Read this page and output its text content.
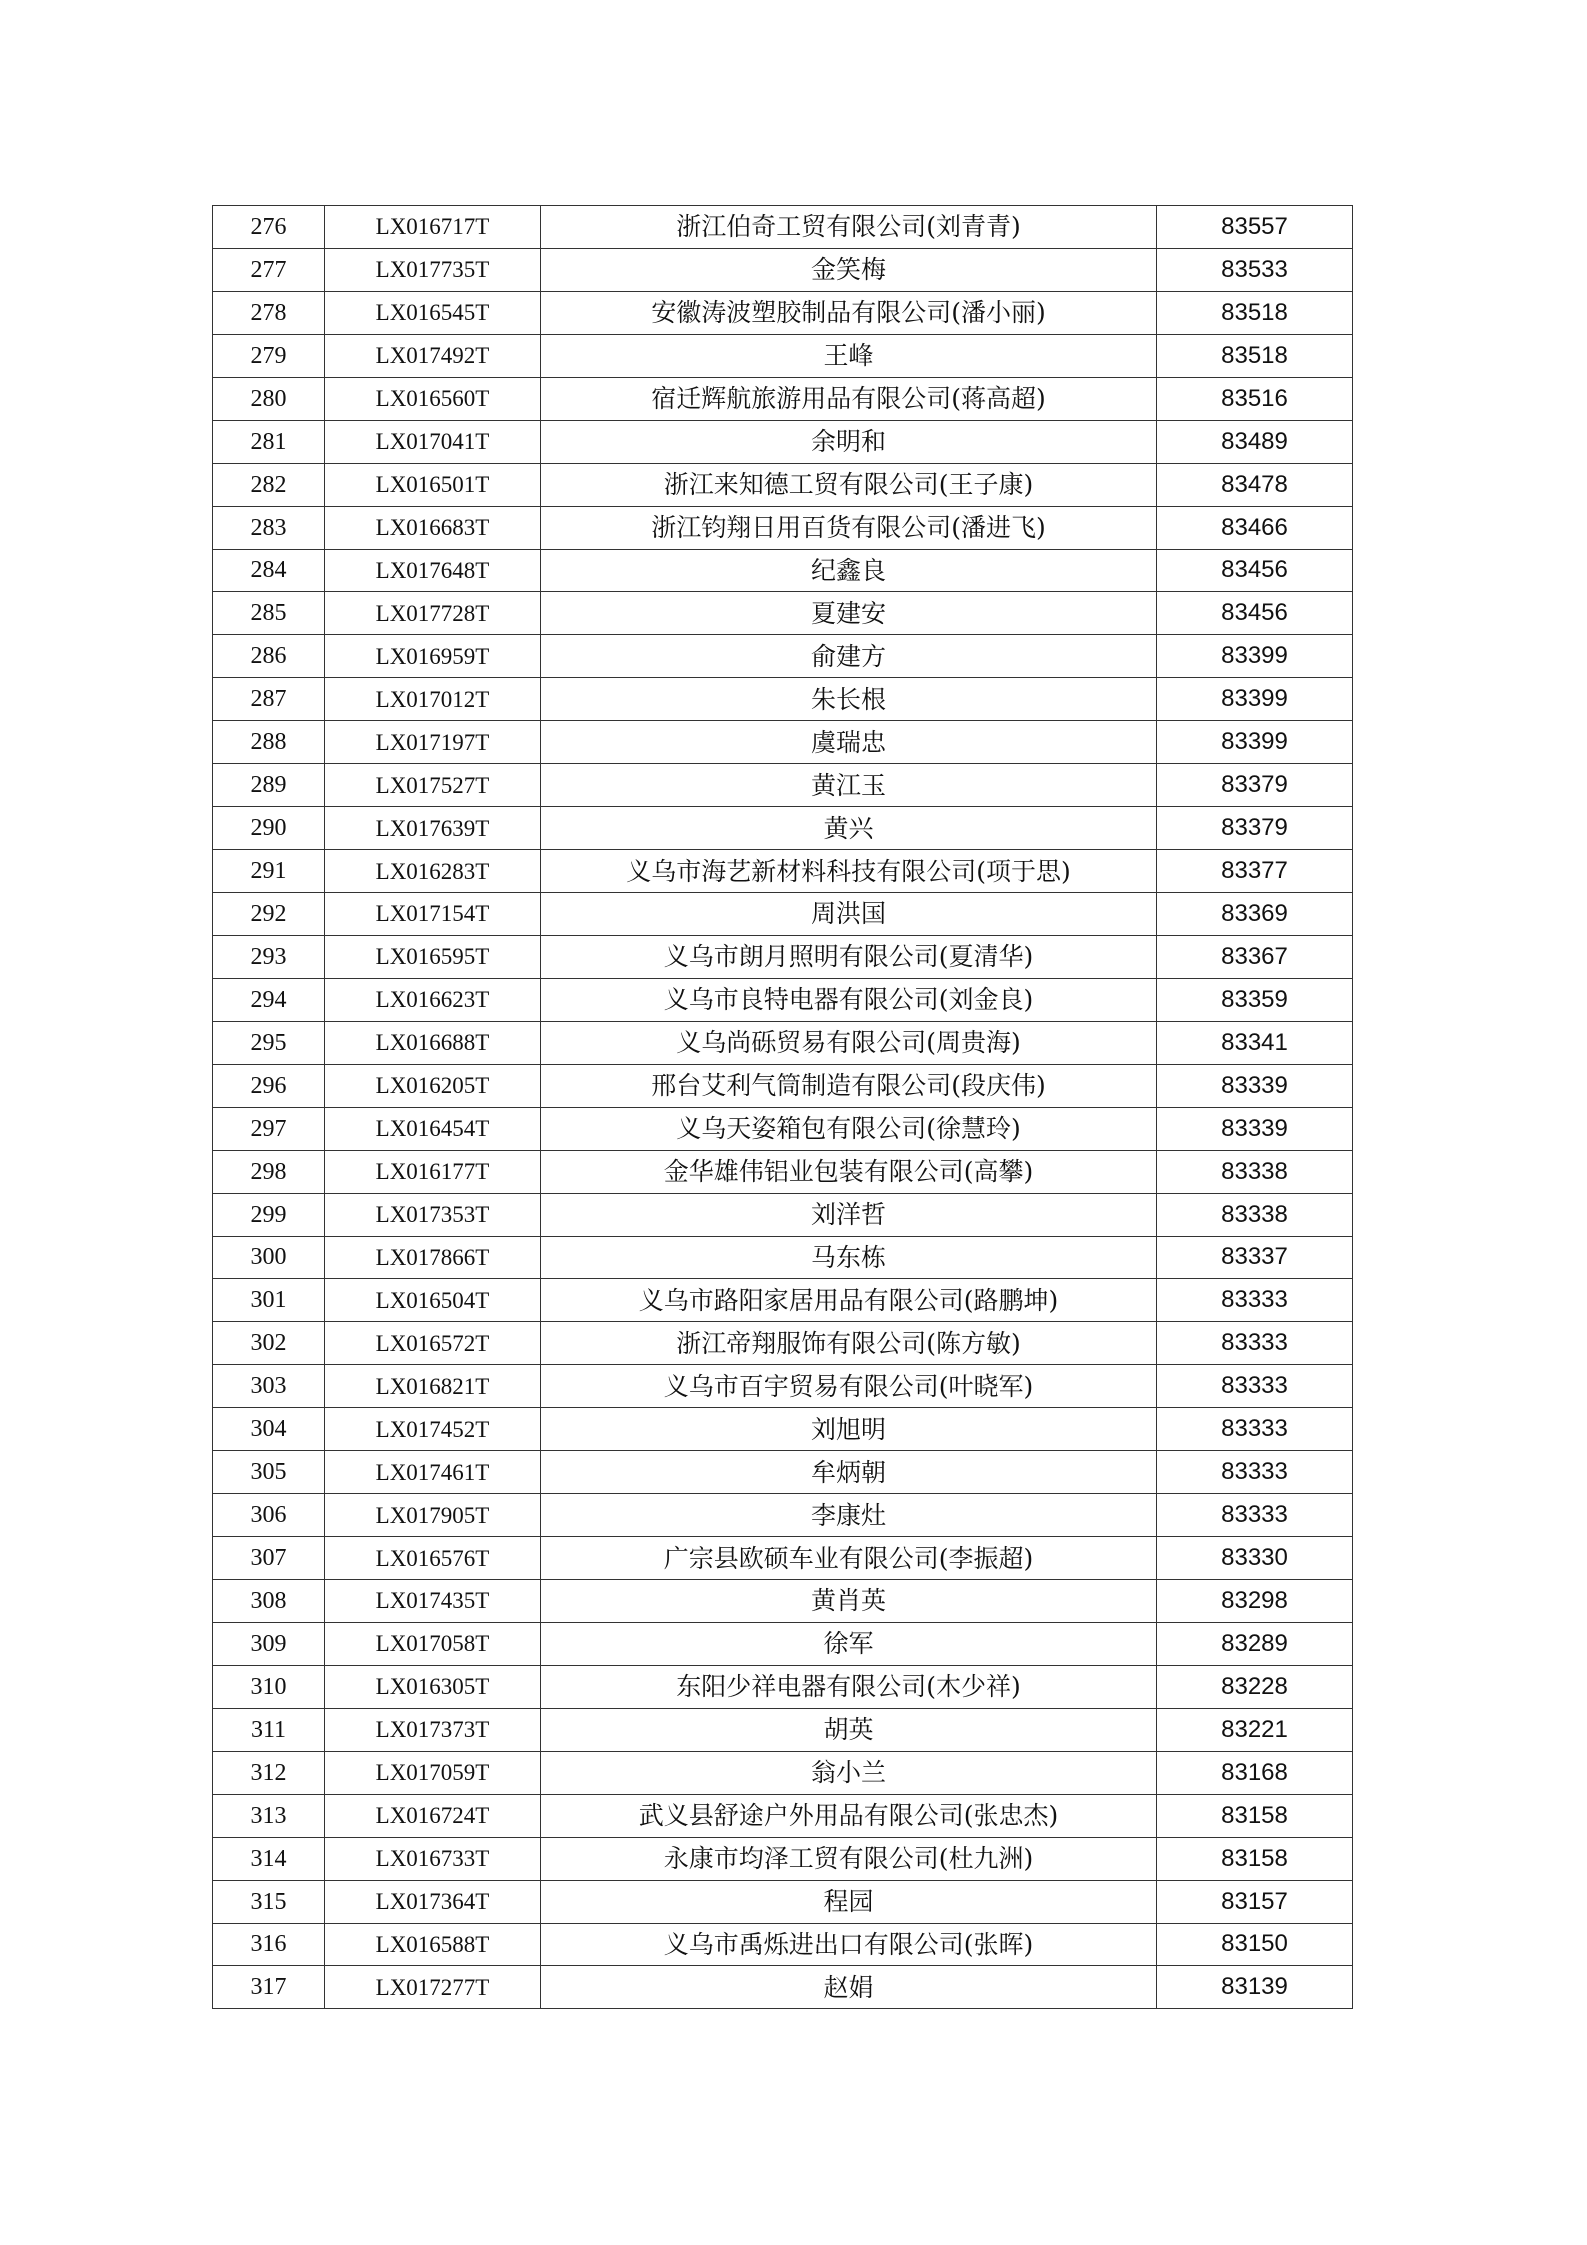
276	LX016717T	浙江伯奇工贸有限公司(刘青青)	83557
277	LX017735T	金笑梅	83533
278	LX016545T	安徽涛波塑胶制品有限公司(潘小丽)	83518
279	LX017492T	王峰	83518
280	LX016560T	宿迁辉航旅游用品有限公司(蒋高超)	83516
281	LX017041T	余明和	83489
282	LX016501T	浙江来知德工贸有限公司(王子康)	83478
283	LX016683T	浙江钧翔日用百货有限公司(潘进飞)	83466
284	LX017648T	纪鑫良	83456
285	LX017728T	夏建安	83456
286	LX016959T	俞建方	83399
287	LX017012T	朱长根	83399
288	LX017197T	虞瑞忠	83399
289	LX017527T	黄江玉	83379
290	LX017639T	黄兴	83379
291	LX016283T	义乌市海艺新材料科技有限公司(项于思)	83377
292	LX017154T	周洪国	83369
293	LX016595T	义乌市朗月照明有限公司(夏清华)	83367
294	LX016623T	义乌市良特电器有限公司(刘金良)	83359
295	LX016688T	义乌尚砾贸易有限公司(周贵海)	83341
296	LX016205T	邢台艾利气筒制造有限公司(段庆伟)	83339
297	LX016454T	义乌天姿箱包有限公司(徐慧玲)	83339
298	LX016177T	金华雄伟铝业包装有限公司(高攀)	83338
299	LX017353T	刘洋哲	83338
300	LX017866T	马东栋	83337
301	LX016504T	义乌市路阳家居用品有限公司(路鹏坤)	83333
302	LX016572T	浙江帝翔服饰有限公司(陈方敏)	83333
303	LX016821T	义乌市百宇贸易有限公司(叶晓军)	83333
304	LX017452T	刘旭明	83333
305	LX017461T	牟炳朝	83333
306	LX017905T	李康灶	83333
307	LX016576T	广宗县欧硕车业有限公司(李振超)	83330
308	LX017435T	黄肖英	83298
309	LX017058T	徐军	83289
310	LX016305T	东阳少祥电器有限公司(木少祥)	83228
311	LX017373T	胡英	83221
312	LX017059T	翁小兰	83168
313	LX016724T	武义县舒途户外用品有限公司(张忠杰)	83158
314	LX016733T	永康市均泽工贸有限公司(杜九洲)	83158
315	LX017364T	程园	83157
316	LX016588T	义乌市禹烁进出口有限公司(张晖)	83150
317	LX017277T	赵娟	83139
